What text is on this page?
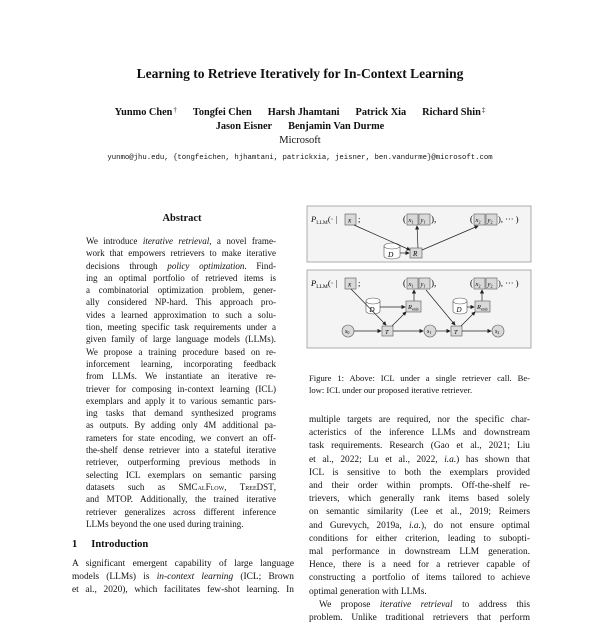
Learning to Retrieve Iteratively for In-Context Learning
Yunmo Chen† Tongfei Chen Harsh Jhamtani Patrick Xia Richard Shin‡
Jason Eisner Benjamin Van Durme
Microsoft
yunmo@jhu.edu, {tongfeichen, hjhamtani, patrickxia, jeisner, ben.vandurme}@microsoft.com
Abstract
We introduce iterative retrieval, a novel frame-
work that empowers retrievers to make iterative
decisions through policy optimization. Find-
ing an optimal portfolio of retrieved items is
a combinatorial optimization problem, gener-
ally considered NP-hard. This approach pro-
vides a learned approximation to such a solu-
tion, meeting specific task requirements under a
given family of large language models (LLMs).
We propose a training procedure based on re-
inforcement learning, incorporating feedback
from LLMs. We instantiate an iterative re-
triever for composing in-context learning (ICL)
exemplars and apply it to various semantic pars-
ing tasks that demand synthesized programs
as outputs. By adding only 4M additional pa-
rameters for state encoding, we convert an off-
the-shelf dense retriever into a stateful iterative
retriever, outperforming previous methods in
selecting ICL exemplars on semantic parsing
datasets such as SMCalFlow, TreeDST,
and MTOP. Additionally, the trained iterative
retriever generalizes across different inference
LLMs beyond the one used during training.
1 Introduction
A significant emergent capability of large language
models (LLMs) is in-context learning (ICL; Brown
et al., 2020), which facilitates few-shot learning. In
$P_{LLM}(\cdot$ | x ;	( $x_1$ $y_1$ ),	( $x_2$ $y_2$ ), ··· )
D	R
$P_{LLM}(\cdot$ | x ;	( $x_1$ $y_1$ ),	( $x_2$ $y_2$ ), ··· )
D	D
$R_{emb}$	$R_{emb}$
s0	T	s1	T	s2
Figure 1: Above: ICL under a single retriever call. Be-
low: ICL under our proposed iterative retriever.
multiple targets are required, nor the specific char-
acteristics of the inference LLMs and downstream
task requirements. Research (Gao et al., 2021; Liu
et al., 2022; Lu et al., 2022, i.a.) has shown that
ICL is sensitive to both the exemplars provided
and their order within prompts. Off-the-shelf re-
trievers, which generally rank items based solely
on semantic similarity (Lee et al., 2019; Reimers
and Gurevych, 2019a, i.a.), do not ensure optimal
conditions for either criterion, leading to subopti-
mal performance in downstream LLM generation.
Hence, there is a need for a retriever capable of
constructing a portfolio of items tailored to achieve
optimal generation with LLMs.
We propose iterative retrieval to address this
problem. Unlike traditional retrievers that perform
